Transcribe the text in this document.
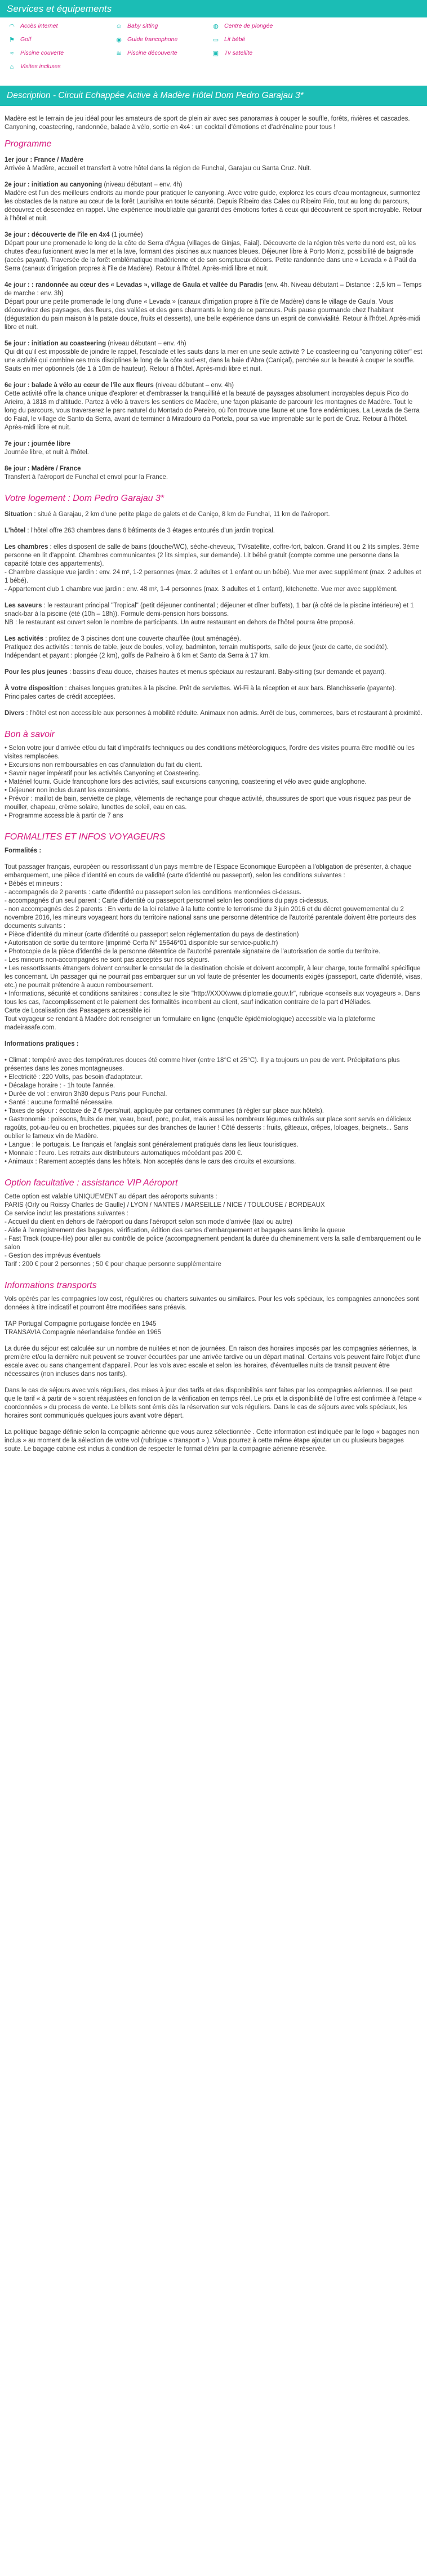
Services et équipements
◠ Accès internet	☺ Baby sitting	◍ Centre de plongée
⚑ Golf	◉ Guide francophone	▭ Lit bébé
≈	Piscine couverte	≋ Piscine découverte	▣ Tv satellite
⌂	Visites incluses
Description - Circuit Echappée Active à Madère Hôtel Dom Pedro Garajau 3*

Madère est le terrain de jeu idéal pour les amateurs de sport de plein air avec ses panoramas à couper le souffle, forêts, rivières et cascades. Canyoning, coasteering, randonnée, balade à vélo, sortie en 4x4 : un cocktail d'émotions et d'adrénaline pour tous !

Programme

1er jour : France / Madère

Arrivée à Madère, accueil et transfert à votre hôtel dans la région de Funchal, Garajau ou Santa Cruz. Nuit.

2e jour : initiation au canyoning (niveau débutant – env. 4h)

Madère est l'un des meilleurs endroits au monde pour pratiquer le canyoning. Avec votre guide, explorez les cours d'eau montagneux, surmontez les obstacles de la nature au cœur de la forêt Laurisilva en toute sécurité. Depuis Ribeiro das Cales ou Ribeiro Frio, tout au long du parcours, découvrez et descendez en rappel. Une expérience inoubliable qui garantit des émotions fortes à ceux qui découvrent ce sport incroyable. Retour à l'hôtel et nuit.

3e jour : découverte de l'île en 4x4 (1 journée)

Départ pour une promenade le long de la côte de Serra d'Água (villages de Ginjas, Faial). Découverte de la région très verte du nord est, où les chutes d'eau fusionnent avec la mer et la lave, formant des piscines aux nuances bleues. Déjeuner libre à Porto Moniz, possibilité de baignade (accès payant). Traversée de la forêt emblématique madérienne et de son somptueux décors. Petite randonnée dans une « Levada » à Paúl da Serra (canaux d'irrigation propres à l'île de Madère). Retour à l'hôtel. Après-midi libre et nuit.

4e jour : : randonnée au cœur des « Levadas », village de Gaula et vallée du Paradis (env. 4h. Niveau débutant – Distance : 2,5 km – Temps de marche : env. 3h)

Départ pour une petite promenade le long d'une « Levada » (canaux d'irrigation propre à l'île de Madère) dans le village de Gaula. Vous découvrirez des paysages, des fleurs, des vallées et des gens charmants le long de ce parcours. Puis pause gourmande chez l'habitant (dégustation du pain maison à la patate douce, fruits et desserts), une belle expérience dans un esprit de convivialité. Retour à l'hôtel. Après-midi libre et nuit.

5e jour : initiation au coasteering (niveau débutant – env. 4h)

Qui dit qu'il est impossible de joindre le rappel, l'escalade et les sauts dans la mer en une seule activité ? Le coasteering ou "canyoning côtier" est une activité qui combine ces trois disciplines le long de la côte sud-est, dans la baie d'Abra (Caniçal), perchée sur la beauté à couper le souffle. Sauts en mer optionnels (de 1 à 10m de hauteur). Retour à l'hôtel. Après-midi libre et nuit.

6e jour : balade à vélo au cœur de l'île aux fleurs (niveau débutant – env. 4h)

Cette activité offre la chance unique d'explorer et d'embrasser la tranquillité et la beauté de paysages absolument incroyables depuis Pico do Arieiro, à 1818 m d'altitude. Partez à vélo à travers les sentiers de Madère, une façon plaisante de parcourir les montagnes de Madère. Tout le long du parcours, vous traverserez le parc naturel du Montado do Pereiro, où l'on trouve une faune et une flore endémiques. La Levada de Serra do Faial, le village de Santo da Serra, avant de terminer à Miradouro da Portela, pour sa vue imprenable sur le port de Cruz. Retour à l'hôtel. Après-midi libre et nuit.

7e jour : journée libre

Journée libre, et nuit à l'hôtel.

8e jour : Madère / France

Transfert à l'aéroport de Funchal et envol pour la France.

Votre logement : Dom Pedro Garajau 3*

Situation : situé à Garajau, 2 km d'une petite plage de galets et de Caniço, 8 km de Funchal, 11 km de l'aéroport.

L'hôtel : l'hôtel offre 263 chambres dans 6 bâtiments de 3 étages entourés d'un jardin tropical.

Les chambres : elles disposent de salle de bains (douche/WC), sèche-cheveux, TV/satellite, coffre-fort, balcon. Grand lit ou 2 lits simples. 3ème personne en lit d'appoint. Chambres communicantes (2 lits simples, sur demande). Lit bébé gratuit (compte comme une personne dans la capacité totale des appartements).
- Chambre classique vue jardin : env. 24 m², 1-2 personnes (max. 2 adultes et 1 enfant ou un bébé). Vue mer avec supplément (max. 2 adultes et 1 bébé).
- Appartement club 1 chambre vue jardin : env. 48 m², 1-4 personnes (max. 3 adultes et 1 enfant), kitchenette. Vue mer avec supplément.

Les saveurs : le restaurant principal "Tropical" (petit déjeuner continental ; déjeuner et dîner buffets), 1 bar (à côté de la piscine intérieure) et 1 snack-bar à la piscine (été (10h – 18h)). Formule demi-pension hors boissons.
NB : le restaurant est ouvert selon le nombre de participants. Un autre restaurant en dehors de l'hôtel pourra être proposé.

Les activités : profitez de 3 piscines dont une couverte chauffée (tout aménagée).
Pratiquez des activités : tennis de table, jeux de boules, volley, badminton, terrain multisports, salle de jeux (jeux de carte, de société). Indépendant et payant : plongée (2 km), golfs de Palheiro à 6 km et Santo da Serra à 17 km.

Pour les plus jeunes : bassins d'eau douce, chaises hautes et menus spéciaux au restaurant. Baby-sitting (sur demande et payant).

À votre disposition : chaises longues gratuites à la piscine. Prêt de serviettes. Wi-Fi à la réception et aux bars. Blanchisserie (payante). Principales cartes de crédit acceptées.

Divers : l'hôtel est non accessible aux personnes à mobilité réduite. Animaux non admis. Arrêt de bus, commerces, bars et restaurant à proximité.

Bon à savoir
• Selon votre jour d'arrivée et/ou du fait d'impératifs techniques ou des conditions météorologiques, l'ordre des visites pourra être modifié ou les visites remplacées.
• Excursions non remboursables en cas d'annulation du fait du client.
• Savoir nager impératif pour les activités Canyoning et Coasteering.
• Matériel fourni. Guide francophone lors des activités, sauf excursions canyoning, coasteering et vélo avec guide anglophone.
• Déjeuner non inclus durant les excursions.
• Prévoir : maillot de bain, serviette de plage, vêtements de rechange pour chaque activité, chaussures de sport que vous risquez pas peur de mouiller, chapeau, crème solaire, lunettes de soleil, eau en cas.
• Programme accessible à partir de 7 ans
FORMALITES ET INFOS VOYAGEURS

Formalités :

Tout passager français, européen ou ressortissant d'un pays membre de l'Espace Economique Européen a l'obligation de présenter, à chaque embarquement, une pièce d'identité en cours de validité (carte d'identité ou passeport), selon les conditions suivantes :
• Bébés et mineurs :
- accompagnés de 2 parents : carte d'identité ou passeport selon les conditions mentionnées ci-dessus.
- accompagnés d'un seul parent : Carte d'identité ou passeport personnel selon les conditions du pays ci-dessus.
- non accompagnés des 2 parents : En vertu de la loi relative à la lutte contre le terrorisme du 3 juin 2016 et du décret gouvernemental du 2 novembre 2016, les mineurs voyageant hors du territoire national sans une personne détentrice de l'autorité parentale doivent être porteurs des documents suivants :
• Pièce d'identité du mineur (carte d'identité ou passeport selon réglementation du pays de destination)
• Autorisation de sortie du territoire (imprimé Cerfa N° 15646*01 disponible sur service-public.fr)
• Photocopie de la pièce d'identité de la personne détentrice de l'autorité parentale signataire de l'autorisation de sortie du territoire.
- Les mineurs non-accompagnés ne sont pas acceptés sur nos séjours.
• Les ressortissants étrangers doivent consulter le consulat de la destination choisie et doivent accomplir, à leur charge, toute formalité spécifique les concernant. Un passager qui ne pourrait pas embarquer sur un vol faute de présenter les documents exigés (passeport, carte d'identité, visas, etc.) ne pourrait prétendre à aucun remboursement.
• Informations, sécurité et conditions sanitaires : consultez le site "http://XXXXwww.diplomatie.gouv.fr", rubrique «conseils aux voyageurs ». Dans tous les cas, l'accomplissement et le paiement des formalités incombent au client, sauf indication contraire de la part d'Héliades.
Carte de Localisation des Passagers accessible ici
Tout voyageur se rendant à Madère doit renseigner un formulaire en ligne (enquête épidémiologique) accessible via la plateforme madeirasafe.com.

Informations pratiques :

• Climat : tempéré avec des températures douces été comme hiver (entre 18°C et 25°C). Il y a toujours un peu de vent. Précipitations plus présentes dans les zones montagneuses.
• Electricité : 220 Volts, pas besoin d'adaptateur.
• Décalage horaire : - 1h toute l'année.
• Durée de vol : environ 3h30 depuis Paris pour Funchal.
• Santé : aucune formalité nécessaire.
• Taxes de séjour : écotaxe de 2 € /pers/nuit, appliquée par certaines communes (à régler sur place aux hôtels).
• Gastronomie : poissons, fruits de mer, veau, bœuf, porc, poulet, mais aussi les nombreux légumes cultivés sur place sont servis en délicieux ragoûts, pot-au-feu ou en brochettes, piquées sur des branches de laurier ! Côté desserts : fruits, gâteaux, crêpes, loloages, beignets... Sans oublier le fameux vin de Madère.
• Langue : le portugais. Le français et l'anglais sont généralement pratiqués dans les lieux touristiques.
• Monnaie : l'euro. Les retraits aux distributeurs automatiques mécédant pas 200 €.
• Animaux : Rarement acceptés dans les hôtels. Non acceptés dans le cars des circuits et excursions.
Option facultative : assistance VIP Aéroport
Cette option est valable UNIQUEMENT au départ des aéroports suivants :
PARIS (Orly ou Roissy Charles de Gaulle) / LYON / NANTES / MARSEILLE / NICE / TOULOUSE / BORDEAUX
Ce service inclut les prestations suivantes :
- Accueil du client en dehors de l'aéroport ou dans l'aéroport selon son mode d'arrivée (taxi ou autre)
- Aide à l'enregistrement des bagages, vérification, édition des cartes d'embarquement et bagages sans limite la queue
- Fast Track (coupe-file) pour aller au contrôle de police (accompagnement pendant la durée du cheminement vers la salle d'embarquement ou le salon
- Gestion des imprévus éventuels
Tarif : 200 € pour 2 personnes ; 50 € pour chaque personne supplémentaire
Informations transports

Vols opérés par les compagnies low cost, régulières ou charters suivantes ou similaires. Pour les vols spéciaux, les compagnies annoncées sont données à titre indicatif et pourront être modifiées sans préavis.

TAP Portugal Compagnie portugaise fondée en 1945
TRANSAVIA Compagnie néerlandaise fondée en 1965

La durée du séjour est calculée sur un nombre de nuitées et non de journées. En raison des horaires imposés par les compagnies aériennes, la première et/ou la dernière nuit peuvent se trouver écourtées par une arrivée tardive ou un départ matinal. Certains vols peuvent faire l'objet d'une escale avec ou sans changement d'appareil. Pour les vols avec escale et selon les horaires, d'éventuelles nuits de transit peuvent être nécessaires (non incluses dans nos tarifs).

Dans le cas de séjours avec vols réguliers, des mises à jour des tarifs et des disponibilités sont faites par les compagnies aériennes. Il se peut que le tarif « à partir de » soient réajustées en fonction de la vérification en temps réel. Le prix et la disponibilité de l'offre est confirmée à l'étape « coordonnées » du process de vente. Le billets sont émis dès la réservation sur vols réguliers. Dans le cas de séjours avec vols spéciaux, les horaires sont communiqués quelques jours avant votre départ.

La politique bagage définie selon la compagnie aérienne que vous aurez sélectionnée . Cette information est indiquée par le logo « bagages non inclus » au moment de la sélection de votre vol (rubrique « transport » ). Vous pourrez à cette même étape ajouter un ou plusieurs bagages soute. Le bagage cabine est inclus à condition de respecter le format défini par la compagnie aérienne réservée.
